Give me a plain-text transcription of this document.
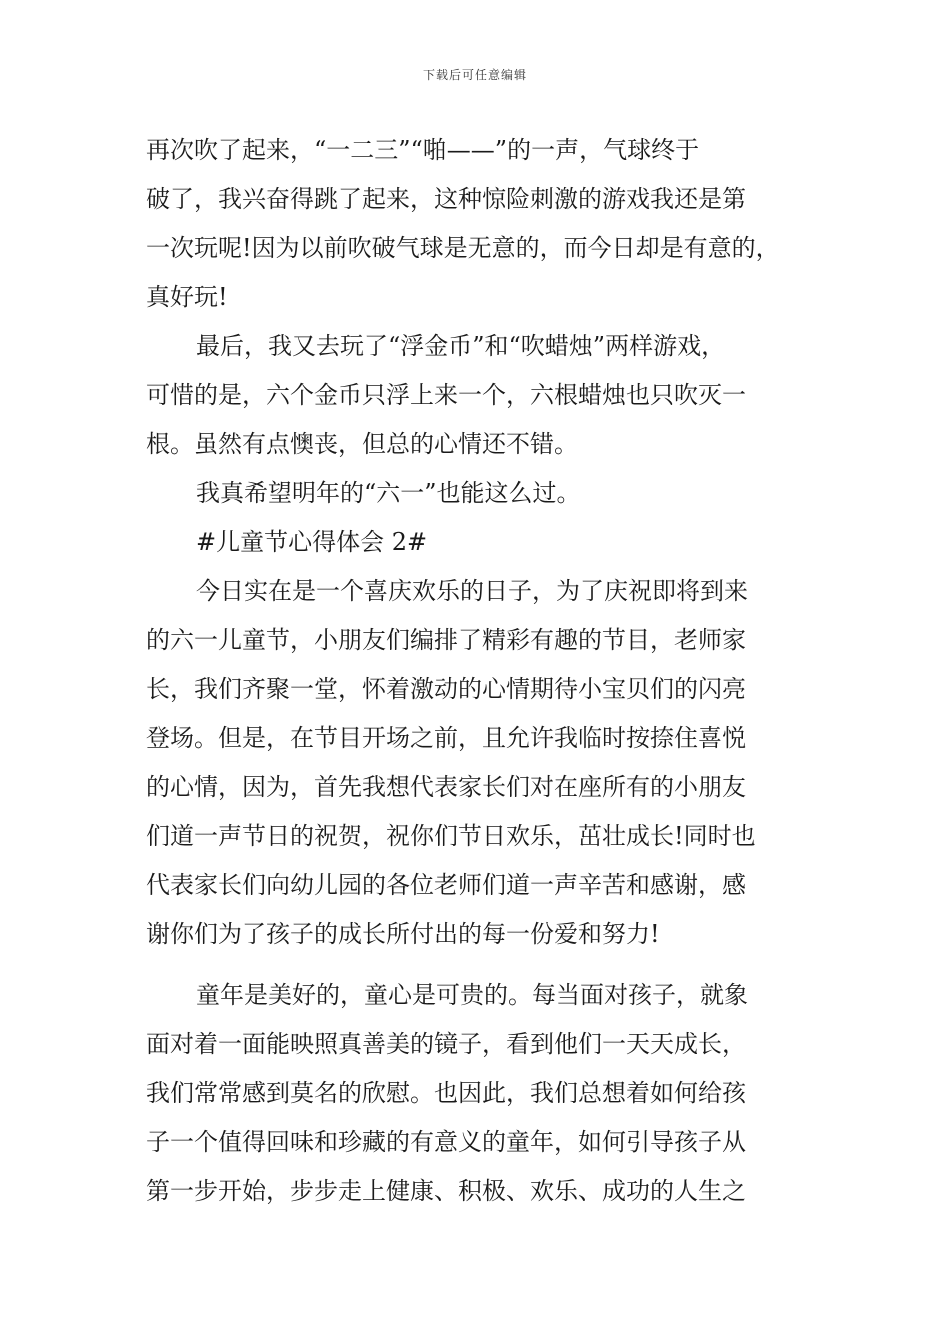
下载后可任意编辑
再次吹了起来，“一二三”“啪——”的一声，气球终于
破了，我兴奋得跳了起来，这种惊险刺激的游戏我还是第
一次玩呢!因为以前吹破气球是无意的，而今日却是有意的，
真好玩!
最后，我又去玩了“浮金币”和“吹蜡烛”两样游戏，
可惜的是，六个金币只浮上来一个，六根蜡烛也只吹灭一
根。虽然有点懊丧，但总的心情还不错。
我真希望明年的“六一”也能这么过。
#儿童节心得体会 2#
今日实在是一个喜庆欢乐的日子，为了庆祝即将到来
的六一儿童节，小朋友们编排了精彩有趣的节目，老师家
长，我们齐聚一堂，怀着激动的心情期待小宝贝们的闪亮
登场。但是，在节目开场之前，且允许我临时按捺住喜悦
的心情，因为，首先我想代表家长们对在座所有的小朋友
们道一声节日的祝贺，祝你们节日欢乐，茁壮成长!同时也
代表家长们向幼儿园的各位老师们道一声辛苦和感谢，感
谢你们为了孩子的成长所付出的每一份爱和努力!
童年是美好的，童心是可贵的。每当面对孩子，就象
面对着一面能映照真善美的镜子，看到他们一天天成长，
我们常常感到莫名的欣慰。也因此，我们总想着如何给孩
子一个值得回味和珍藏的有意义的童年，如何引导孩子从
第一步开始，步步走上健康、积极、欢乐、成功的人生之
